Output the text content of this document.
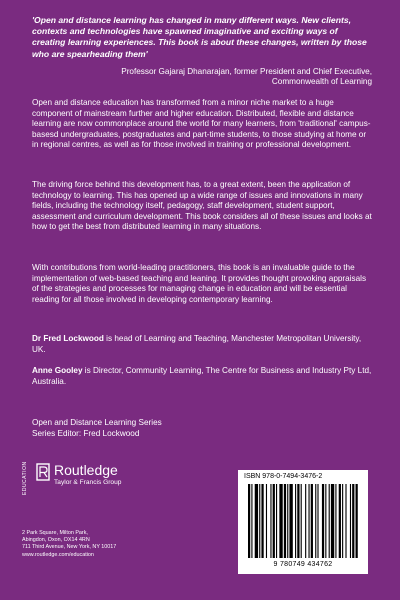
'Open and distance learning has changed in many different ways. New clients, contexts and technologies have spawned imaginative and exciting ways of creating learning experiences. This book is about these changes, written by those who are spearheading them'
Professor Gajaraj Dhanarajan, former President and Chief Executive,
Commonwealth of Learning
Open and distance education has transformed from a minor niche market to a huge component of mainstream further and higher education. Distributed, flexible and distance learning are now commonplace around the world for many learners, from 'traditional' campus-basesd undergraduates, postgraduates and part-time students, to those studying at home or in regional centres, as well as for those involved in training or professional development.
The driving force behind this development has, to a great extent, been the application of technology to learning. This has opened up a wide range of issues and innovations in many fields, including the technology itself, pedagogy, staff development, student support, assessment and curriculum development. This book considers all of these issues and looks at how to get the best from distributed learning in many situations.
With contributions from world-leading practitioners, this book is an invaluable guide to the implementation of web-based teaching and leaning. It provides thought provoking appraisals of the strategies and processes for managing change in education and will be essential reading for all those involved in developing contemporary learning.
Dr Fred Lockwood is head of Learning and Teaching, Manchester Metropolitan University, UK.
Anne Gooley is Director, Community Learning, The Centre for Business and Industry Pty Ltd, Australia.
Open and Distance Learning Series
Series Editor: Fred Lockwood
EDUCATION	Routledge
Taylor & Francis Group
2 Park Square, Milton Park,
Abingdon, Oxon, OX14 4RN
711 Third Avenue, New York, NY 10017
www.routledge.com/education
ISBN 978-0-7494-3476-2
9 780749 434762
